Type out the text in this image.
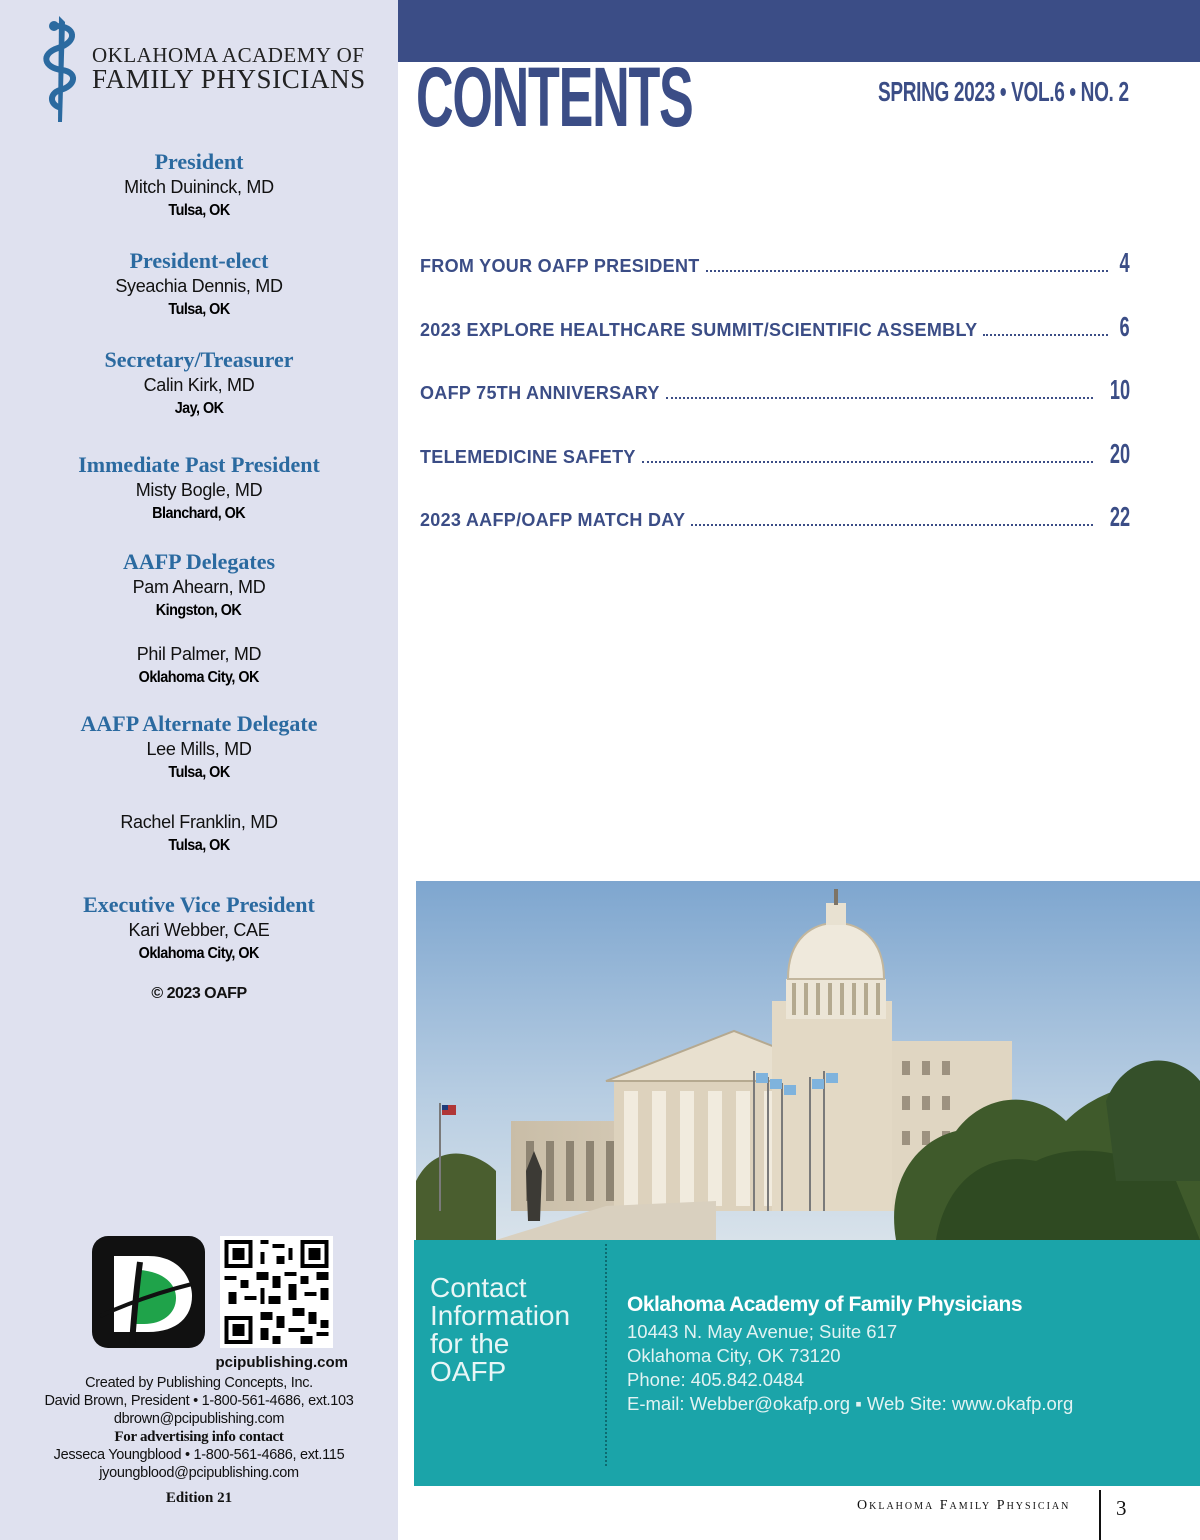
OKLAHOMA ACADEMY OF
FAMILY PHYSICIANS
President
Mitch Duininck, MD
Tulsa, OK
President-elect
Syeachia Dennis, MD
Tulsa, OK
Secretary/Treasurer
Calin Kirk, MD
Jay, OK
Immediate Past President
Misty Bogle, MD
Blanchard, OK
AAFP Delegates
Pam Ahearn, MD
Kingston, OK
Phil Palmer, MD
Oklahoma City, OK
AAFP Alternate Delegate
Lee Mills, MD
Tulsa, OK
Rachel Franklin, MD
Tulsa, OK
Executive Vice President
Kari Webber, CAE
Oklahoma City, OK
© 2023 OAFP
pcipublishing.com
Created by Publishing Concepts, Inc.
David Brown, President • 1-800-561-4686, ext.103
dbrown@pcipublishing.com
For advertising info contact
Jesseca Youngblood • 1-800-561-4686, ext.115
jyoungblood@pcipublishing.com
Edition 21
CONTENTS	SPRING 2023 • VOL.6 • NO. 2
FROM YOUR OAFP PRESIDENT	4
2023 EXPLORE HEALTHCARE SUMMIT/SCIENTIFIC ASSEMBLY	6
OAFP 75TH ANNIVERSARY	10
TELEMEDICINE SAFETY	20
2023 AAFP/OAFP MATCH DAY	22
Contact
Information
for the
OAFP
Oklahoma Academy of Family Physicians
10443 N. May Avenue; Suite 617
Oklahoma City, OK 73120
Phone: 405.842.0484
E-mail: Webber@okafp.org ▪ Web Site: www.okafp.org
Oklahoma Family Physician 3
